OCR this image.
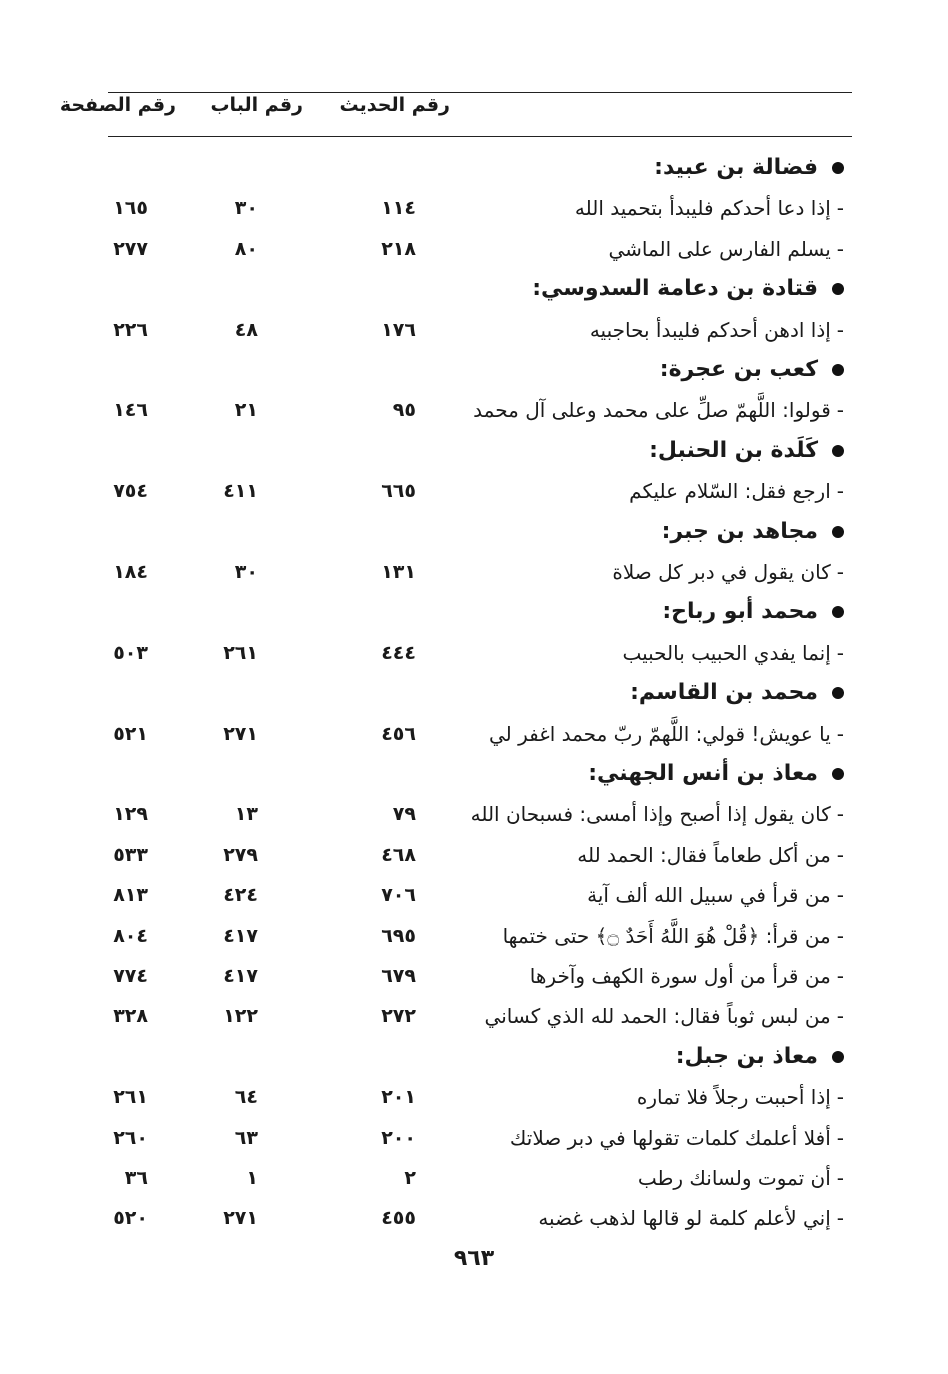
رقم الحديث
رقم الباب
رقم الصفحة
فضالة بن عبيد:
-إذا دعا أحدكم فليبدأ بتحميد الله
١١٤
٣٠
١٦٥
-يسلم الفارس على الماشي
٢١٨
٨٠
٢٧٧
قتادة بن دعامة السدوسي:
-إذا ادهن أحدكم فليبدأ بحاجبيه
١٧٦
٤٨
٢٢٦
كعب بن عجرة:
-قولوا: اللَّهمّ صلِّ على محمد وعلى آل محمد
٩٥
٢١
١٤٦
كَلَدة بن الحنبل:
-ارجع فقل: السّلام عليكم
٦٦٥
٤١١
٧٥٤
مجاهد بن جبر:
-كان يقول في دبر كل صلاة
١٣١
٣٠
١٨٤
محمد أبو رباح:
-إنما يفدي الحبيب بالحبيب
٤٤٤
٢٦١
٥٠٣
محمد بن القاسم:
-يا عويش! قولي: اللَّهمّ ربّ محمد اغفر لي
٤٥٦
٢٧١
٥٢١
معاذ بن أنس الجهني:
-كان يقول إذا أصبح وإذا أمسى: فسبحان الله
٧٩
١٣
١٢٩
-من أكل طعاماً فقال: الحمد لله
٤٦٨
٢٧٩
٥٣٣
-من قرأ في سبيل الله ألف آية
٧٠٦
٤٢٤
٨١٣
-من قرأ: ﴿قُلْ هُوَ اللَّهُ أَحَدٌ ۝﴾ حتى ختمها
٦٩٥
٤١٧
٨٠٤
-من قرأ من أول سورة الكهف وآخرها
٦٧٩
٤١٧
٧٧٤
-من لبس ثوباً فقال: الحمد لله الذي كساني
٢٧٢
١٢٢
٣٢٨
معاذ بن جبل:
-إذا أحببت رجلاً فلا تماره
٢٠١
٦٤
٢٦١
-أفلا أعلمك كلمات تقولها في دبر صلاتك
٢٠٠
٦٣
٢٦٠
-أن تموت ولسانك رطب
٢
١
٣٦
-إني لأعلم كلمة لو قالها لذهب غضبه
٤٥٥
٢٧١
٥٢٠
٩٦٣
